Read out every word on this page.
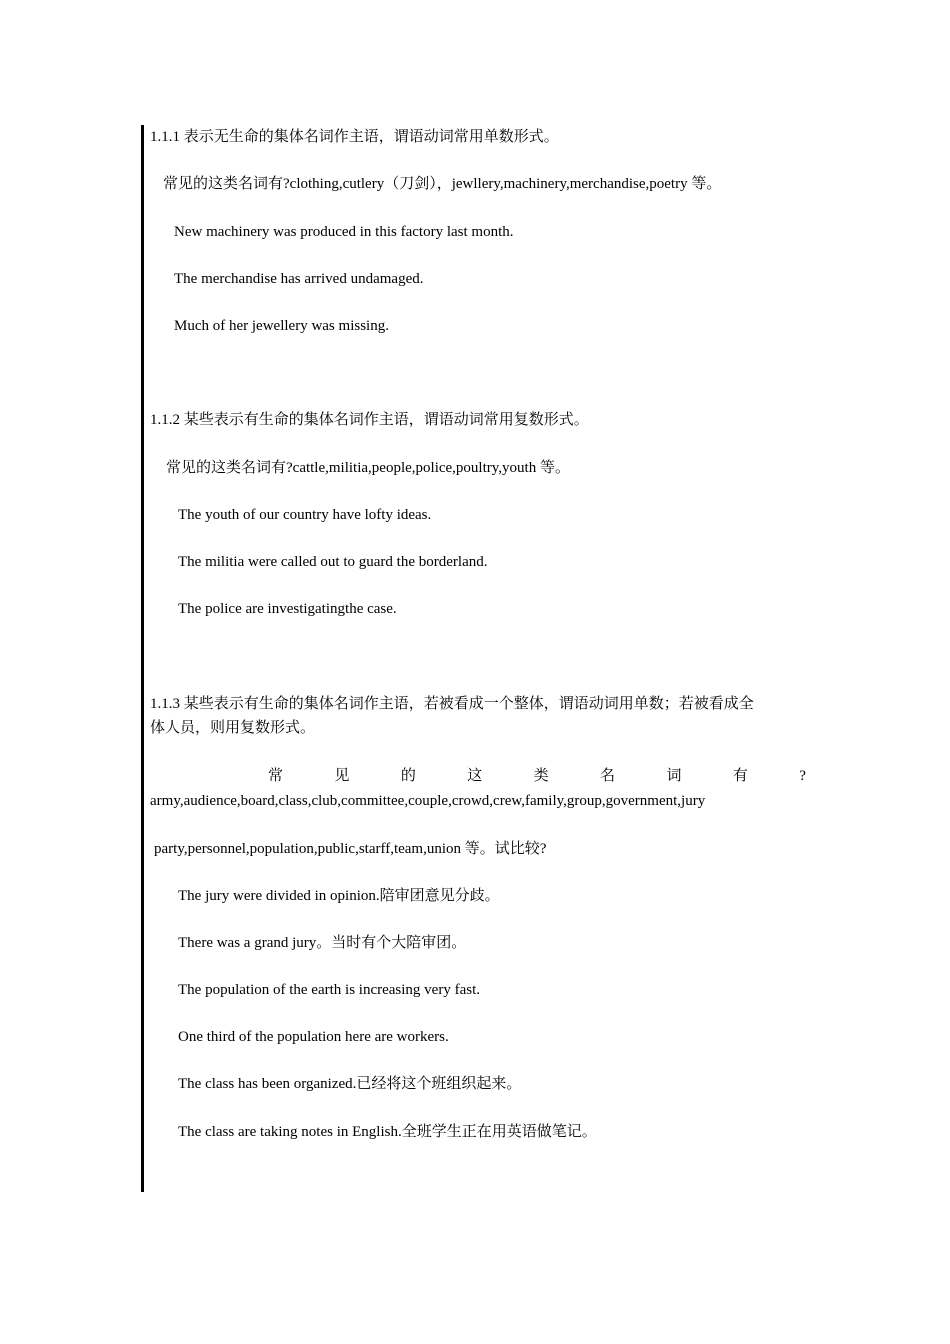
1.1.1 表示无生命的集体名词作主语，谓语动词常用单数形式。
常见的这类名词有?clothing,cutlery（刀剑），jewllery,machinery,merchandise,poetry 等。
New machinery was produced in this factory last month.
The merchandise has arrived undamaged.
Much of her jewellery was missing.
1.1.2 某些表示有生命的集体名词作主语，谓语动词常用复数形式。
常见的这类名词有?cattle,militia,people,police,poultry,youth 等。
The youth of our country have lofty ideas.
The militia were called out to guard the borderland.
The police are investigatingthe case.
1.1.3 某些表示有生命的集体名词作主语，若被看成一个整体，谓语动词用单数；若被看成全
体人员，则用复数形式。
常	见	的	这	类	名	词	有	?
army,audience,board,class,club,committee,couple,crowd,crew,family,group,government,jury
party,personnel,population,public,starff,team,union 等。试比较?
The jury were divided in opinion.陪审团意见分歧。
There was a grand jury。当时有个大陪审团。
The population of the earth is increasing very fast.
One third of the population here are workers.
The class has been organized.已经将这个班组织起来。
The class are taking notes in English.全班学生正在用英语做笔记。
